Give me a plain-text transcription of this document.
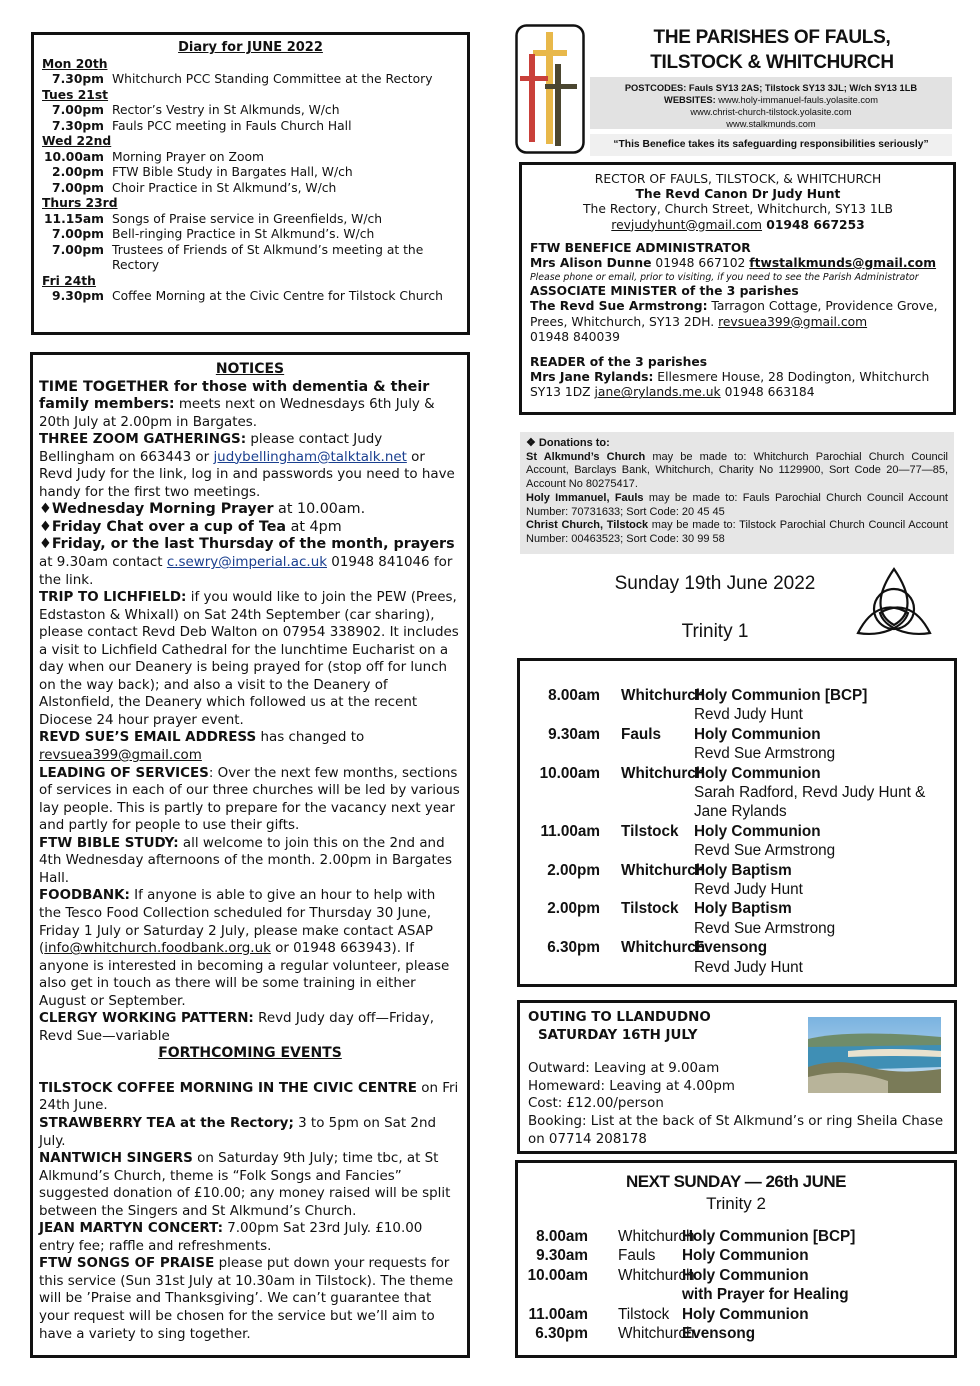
Diary for JUNE 2022
Mon 20th
7.30pm Whitchurch PCC Standing Committee at the Rectory
Tues 21st
7.00pm Rector’s Vestry in St Alkmunds, W/ch
7.30pm Fauls PCC meeting in Fauls Church Hall
Wed 22nd
10.00am Morning Prayer on Zoom
2.00pm FTW Bible Study in Bargates Hall, W/ch
7.00pm Choir Practice in St Alkmund’s, W/ch
Thurs 23rd
11.15am Songs of Praise service in Greenfields, W/ch
7.00pm Bell-ringing Practice in St Alkmund’s. W/ch
7.00pm Trustees of Friends of St Alkmund’s meeting at the Rectory
Fri 24th
9.30pm Coffee Morning at the Civic Centre for Tilstock Church
NOTICES

TIME TOGETHER for those with dementia & their family members: meets next on Wednesdays 6th July & 20th July at 2.00pm in Bargates.

THREE ZOOM GATHERINGS: please contact Judy Bellingham on 663443 or judybellingham@talktalk.net or Revd Judy for the link, log in and passwords you need to have handy for the first two meetings.

♦Wednesday Morning Prayer at 10.00am.

♦Friday Chat over a cup of Tea at 4pm

♦Friday, or the last Thursday of the month, prayers at 9.30am contact c.sewry@imperial.ac.uk 01948 841046 for the link.

TRIP TO LICHFIELD: if you would like to join the PEW (Prees, Edstaston & Whixall) on Sat 24th September (car sharing), please contact Revd Deb Walton on 07954 338902. It includes a visit to Lichfield Cathedral for the lunchtime Eucharist on a day when our Deanery is being prayed for (stop off for lunch on the way back); and also a visit to the Deanery of Alstonfield, the Deanery which followed us at the recent Diocese 24 hour prayer event.

REVD SUE’S EMAIL ADDRESS has changed to revsuea399@gmail.com

LEADING OF SERVICES: Over the next few months, sections of services in each of our three churches will be led by various lay people. This is partly to prepare for the vacancy next year and partly for people to use their gifts.

FTW BIBLE STUDY: all welcome to join this on the 2nd and 4th Wednesday afternoons of the month. 2.00pm in Bargates Hall.

FOODBANK: If anyone is able to give an hour to help with the Tesco Food Collection scheduled for Thursday 30 June, Friday 1 July or Saturday 2 July, please make contact ASAP (info@whitchurch.foodbank.org.uk or 01948 663943). If anyone is interested in becoming a regular volunteer, please also get in touch as there will be some training in either August or September.

CLERGY WORKING PATTERN: Revd Judy day off—Friday, Revd Sue—variable

FORTHCOMING EVENTS

TILSTOCK COFFEE MORNING IN THE CIVIC CENTRE on Fri 24th June.

STRAWBERRY TEA at the Rectory; 3 to 5pm on Sat 2nd July.

NANTWICH SINGERS on Saturday 9th July; time tbc, at St Alkmund’s Church, theme is “Folk Songs and Fancies” suggested donation of £10.00; any money raised will be split between the Singers and St Alkmund’s Church.

JEAN MARTYN CONCERT: 7.00pm Sat 23rd July. £10.00 entry fee; raffle and refreshments.

FTW SONGS OF PRAISE please put down your requests for this service (Sun 31st July at 10.30am in Tilstock). The theme will be ’Praise and Thanksgiving’. We can’t guarantee that your request will be chosen for the service but we’ll aim to have a variety to sing together.

THE PARISHES OF FAULS,
TILSTOCK & WHITCHURCH
POSTCODES: Fauls SY13 2AS; Tilstock SY13 3JL; W/ch SY13 1LB
WEBSITES: www.holy-immanuel-fauls.yolasite.com
www.christ-church-tilstock.yolasite.com
www.stalkmunds.com
“This Benefice takes its safeguarding responsibilities seriously”
RECTOR OF FAULS, TILSTOCK, & WHITCHURCH
The Revd Canon Dr Judy Hunt
The Rectory, Church Street, Whitchurch, SY13 1LB
revjudyhunt@gmail.com 01948 667253
FTW BENEFICE ADMINISTRATOR
Mrs Alison Dunne 01948 667102 ftwstalkmunds@gmail.com
Please phone or email, prior to visiting, if you need to see the Parish Administrator
ASSOCIATE MINISTER of the 3 parishes
The Revd Sue Armstrong: Tarragon Cottage, Providence Grove, Prees, Whitchurch, SY13 2DH. revsuea399@gmail.com
01948 840039
READER of the 3 parishes
Mrs Jane Rylands: Ellesmere House, 28 Dodington, Whitchurch SY13 1DZ jane@rylands.me.uk 01948 663184
❖ Donations to:
St Alkmund’s Church may be made to: Whitchurch Parochial Church Council Account, Barclays Bank, Whitchurch, Charity No 1129900, Sort Code 20—77—85, Account No 80275417.
Holy Immanuel, Fauls may be made to: Fauls Parochial Church Council Account Number: 70731633; Sort Code: 20 45 45
Christ Church, Tilstock may be made to: Tilstock Parochial Church Council Account Number: 00463523; Sort Code: 30 99 58
Sunday 19th June 2022
Trinity 1
8.00am	Whitchurch
Holy Communion [BCP]
Revd Judy Hunt
9.30am	Fauls	Holy Communion
Revd Sue Armstrong
10.00am	Whitchurch
Holy Communion
Sarah Radford, Revd Judy Hunt & Jane Rylands
11.00am	Tilstock	Holy Communion
Revd Sue Armstrong
2.00pm	Whitchurch
Holy Baptism
Revd Judy Hunt
2.00pm	Tilstock	Holy Baptism
Revd Sue Armstrong
6.30pm	Whitchurch
Evensong
Revd Judy Hunt
OUTING TO LLANDUDNO
SATURDAY 16TH JULY
Outward: Leaving at 9.00am
Homeward: Leaving at 4.00pm
Cost: £12.00/person
Booking: List at the back of St Alkmund’s or ring Sheila Chase on 07714 208178
NEXT SUNDAY — 26th JUNE
Trinity 2
8.00am	Whitchurch
Holy Communion [BCP]
9.30am	Fauls	Holy Communion
10.00am	Whitchurch
Holy Communion
with Prayer for Healing
11.00am	Tilstock Holy Communion
6.30pm	Whitchurch
Evensong
